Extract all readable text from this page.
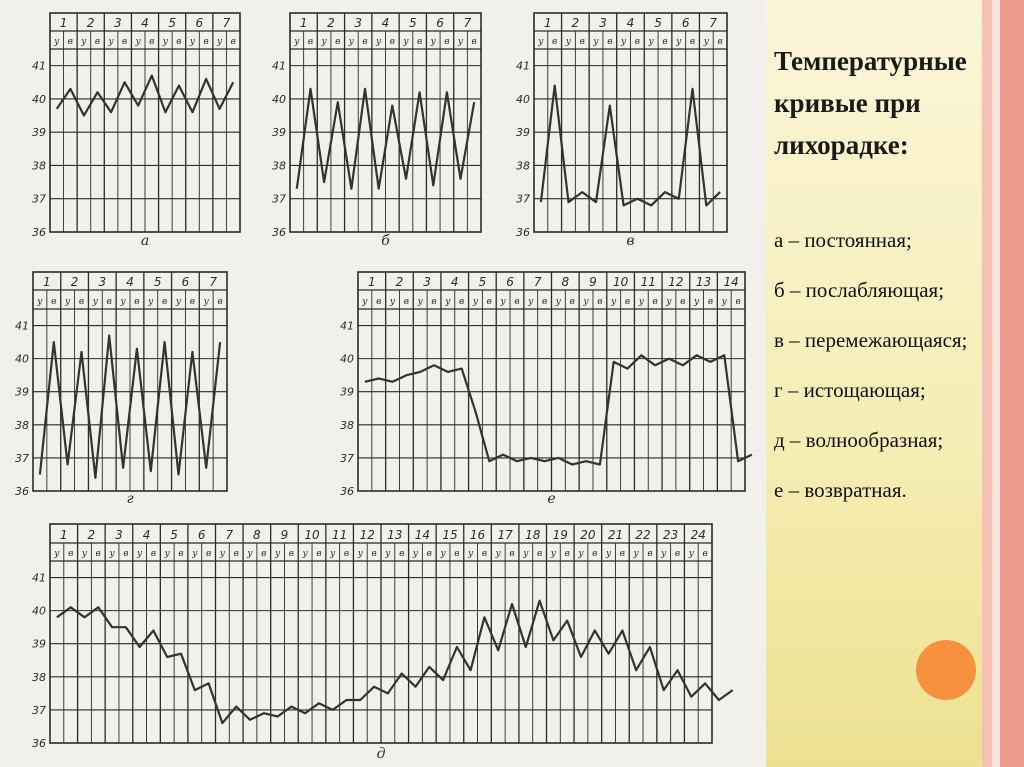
41
40
39
38
37
36
1
у в
2
у в
3
у в
4
у в
5
у в
6
у в
7
у в
а
41
40
39
38
37
36
1
у в
2
у в
3
у в
4
у в
5
у в
6
у в
7
у в
б
41
40
39
38
37
36
1
у в
2
у в
3
у в
4
у в
5
у в
6
у в
7
у в
в
41
40
39
38
37
36
1
у в
2
у в
3
у в
4
у в
5
у в
6
у в
7
у в
г
41
40
39
38
37
36
1
у в
2
у в
3
у в
4
у в
5
у в
6
у в
7
у в
8
у в
9
у в
10
у в
11
у в
12
у в
13
у в
14
у в
е
41
40
39
38
37
36
1
у в
2
у в
3
у в
4
у в
5
у в
6
у в
7
у в
8
у в
9
у в
10
у в
11
у в
12
у в
13
у в
14
у в
15
у в
16
у в
17
у в
18
у в
19
у в
20
у в
21
у в
22
у в
23
у в
24
у в
д
Температурные
кривые при
лихорадке:
а – постоянная;
б – послабляющая;
в – перемежающаяся;
г – истощающая;
д – волнообразная;
е – возвратная.
